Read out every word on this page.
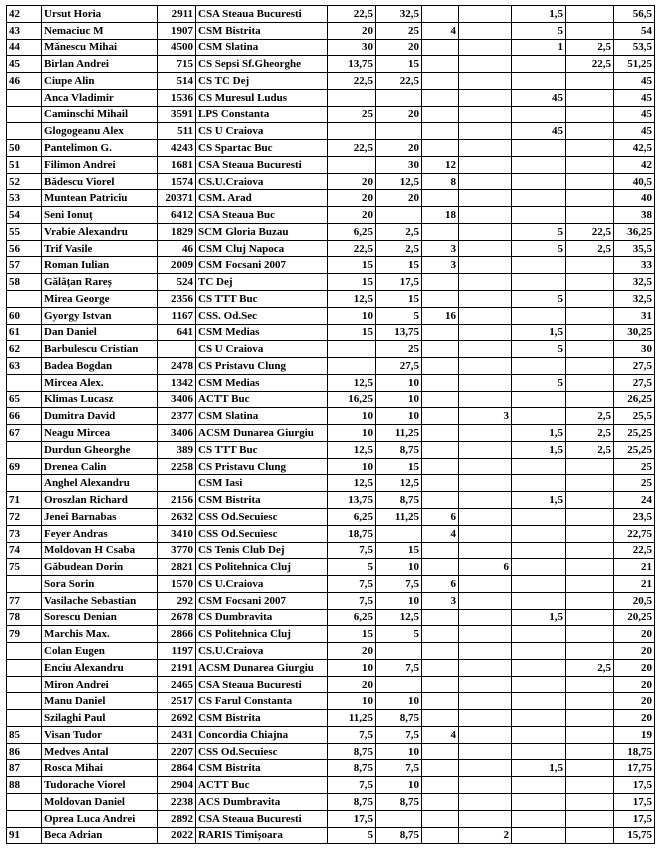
42	Ursut Horia	2911	CSA Steaua Bucuresti	22,5	32,5			1,5		56,5
43	Nemaciuc M	1907	CSM Bistrita	20	25	4		5		54
44	Mănescu Mihai	4500	CSM Slatina	30	20			1	2,5	53,5
45	Birlan Andrei	715	CS Sepsi Sf.Gheorghe	13,75	15				22,5	51,25
46	Ciupe Alin	514	CS TC Dej	22,5	22,5					45
	Anca Vladimir	1536	CS Muresul Ludus					45		45
	Caminschi Mihail	3591	LPS Constanta	25	20					45
	Glogogeanu Alex	511	CS U Craiova					45		45
50	Pantelimon G.	4243	CS Spartac Buc	22,5	20					42,5
51	Filimon Andrei	1681	CSA Steaua Bucuresti		30	12				42
52	Bădescu Viorel	1574	CS.U.Craiova	20	12,5	8				40,5
53	Muntean Patriciu	20371	CSM. Arad	20	20					40
54	Seni Ionuț	6412	CSA Steaua Buc	20		18				38
55	Vrabie Alexandru	1829	SCM Gloria Buzau	6,25	2,5			5	22,5	36,25
56	Trif Vasile	46	CSM Cluj Napoca	22,5	2,5	3		5	2,5	35,5
57	Roman Iulian	2009	CSM Focsani 2007	15	15	3				33
58	Gălățan Rareș	524	TC Dej	15	17,5					32,5
	Mirea George	2356	CS TTT Buc	12,5	15			5		32,5
60	Gyorgy Istvan	1167	CSS. Od.Sec	10	5	16				31
61	Dan Daniel	641	CSM Medias	15	13,75			1,5		30,25
62	Barbulescu Cristian		CS U Craiova		25			5		30
63	Badea Bogdan	2478	CS Pristavu Clung		27,5					27,5
	Mircea Alex.	1342	CSM Medias	12,5	10			5		27,5
65	Klimas Lucasz	3406	ACTT Buc	16,25	10					26,25
66	Dumitra David	2377	CSM Slatina	10	10		3		2,5	25,5
67	Neagu Mircea	3406	ACSM Dunarea Giurgiu	10	11,25			1,5	2,5	25,25
	Durdun Gheorghe	389	CS TTT Buc	12,5	8,75			1,5	2,5	25,25
69	Drenea Calin	2258	CS Pristavu Clung	10	15					25
	Anghel Alexandru		CSM Iasi	12,5	12,5					25
71	Oroszlan Richard	2156	CSM Bistrita	13,75	8,75			1,5		24
72	Jenei Barnabas	2632	CSS Od.Secuiesc	6,25	11,25	6				23,5
73	Feyer Andras	3410	CSS Od.Secuiesc	18,75		4				22,75
74	Moldovan H Csaba	3770	CS Tenis Club Dej	7,5	15					22,5
75	Găbudean Dorin	2821	CS Politehnica Cluj	5	10		6			21
	Sora Sorin	1570	CS U.Craiova	7,5	7,5	6				21
77	Vasilache Sebastian	292	CSM Focsani 2007	7,5	10	3				20,5
78	Sorescu Denian	2678	CS Dumbravita	6,25	12,5			1,5		20,25
79	Marchis Max.	2866	CS Politehnica Cluj	15	5					20
	Colan Eugen	1197	CS.U.Craiova	20						20
	Enciu Alexandru	2191	ACSM Dunarea Giurgiu	10	7,5				2,5	20
	Miron Andrei	2465	CSA Steaua Bucuresti	20						20
	Manu Daniel	2517	CS Farul Constanta	10	10					20
	Szilaghi Paul	2692	CSM Bistrita	11,25	8,75					20
85	Visan Tudor	2431	Concordia Chiajna	7,5	7,5	4				19
86	Medves Antal	2207	CSS Od.Secuiesc	8,75	10					18,75
87	Rosca Mihai	2864	CSM Bistrita	8,75	7,5			1,5		17,75
88	Tudorache Viorel	2904	ACTT Buc	7,5	10					17,5
	Moldovan Daniel	2238	ACS Dumbravita	8,75	8,75					17,5
	Oprea Luca Andrei	2892	CSA Steaua Bucuresti	17,5						17,5
91	Beca Adrian	2022	RARIS Timișoara	5	8,75		2			15,75
